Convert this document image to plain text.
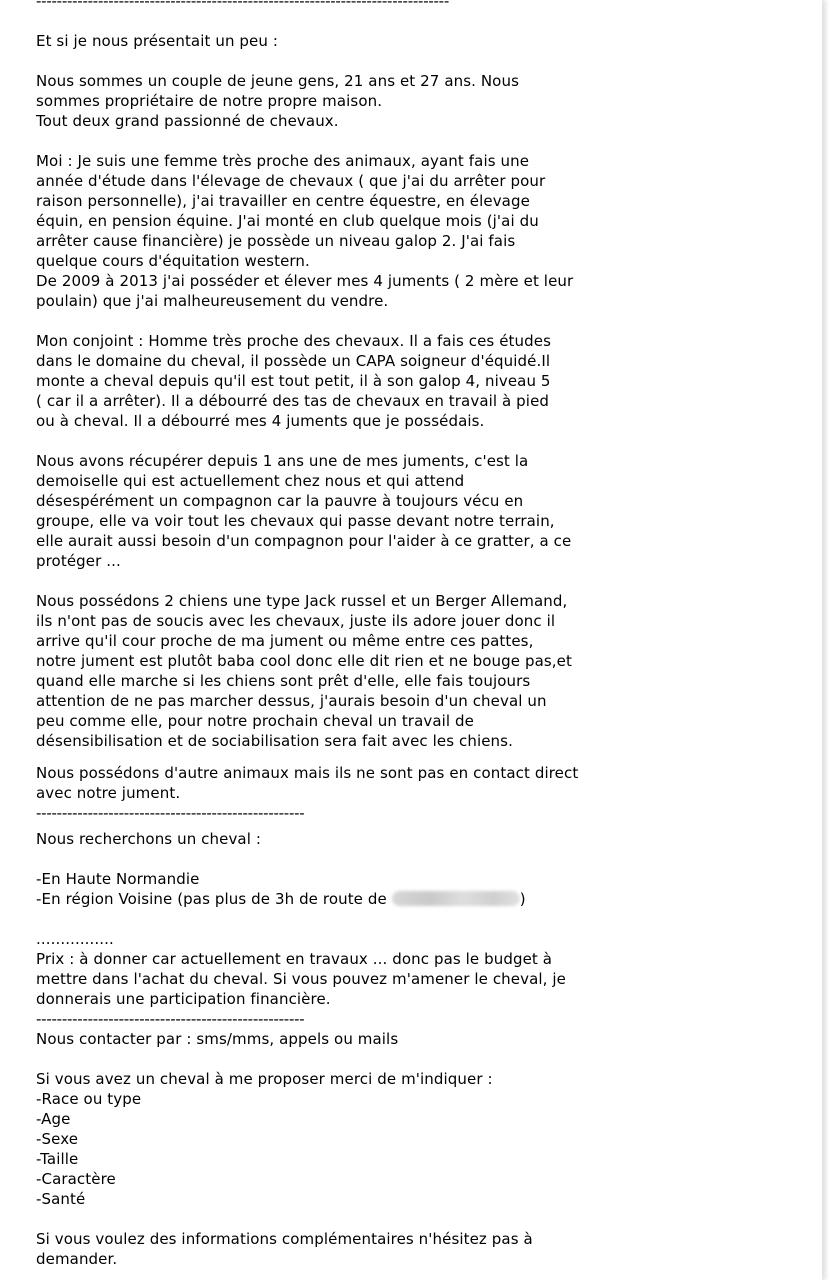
--------------------------------------------------------------------------------
Et si je nous présentait un peu :
Nous sommes un couple de jeune gens, 21 ans et 27 ans. Nous
sommes propriétaire de notre propre maison.
Tout deux grand passionné de chevaux.
Moi : Je suis une femme très proche des animaux, ayant fais une
année d'étude dans l'élevage de chevaux ( que j'ai du arrêter pour
raison personnelle), j'ai travailler en centre équestre, en élevage
équin, en pension équine. J'ai monté en club quelque mois (j'ai du
arrêter cause financière) je possède un niveau galop 2. J'ai fais
quelque cours d'équitation western.
De 2009 à 2013 j'ai posséder et élever mes 4 juments ( 2 mère et leur
poulain) que j'ai malheureusement du vendre.
Mon conjoint : Homme très proche des chevaux. Il a fais ces études
dans le domaine du cheval, il possède un CAPA soigneur d'équidé.Il
monte a cheval depuis qu'il est tout petit, il à son galop 4, niveau 5
( car il a arrêter). Il a débourré des tas de chevaux en travail à pied
ou à cheval. Il a débourré mes 4 juments que je possédais.
Nous avons récupérer depuis 1 ans une de mes juments, c'est la
demoiselle qui est actuellement chez nous et qui attend
désespérément un compagnon car la pauvre à toujours vécu en
groupe, elle va voir tout les chevaux qui passe devant notre terrain,
elle aurait aussi besoin d'un compagnon pour l'aider à ce gratter, a ce
protéger ...
Nous possédons 2 chiens une type Jack russel et un Berger Allemand,
ils n'ont pas de soucis avec les chevaux, juste ils adore jouer donc il
arrive qu'il cour proche de ma jument ou même entre ces pattes,
notre jument est plutôt baba cool donc elle dit rien et ne bouge pas,et
quand elle marche si les chiens sont prêt d'elle, elle fais toujours
attention de ne pas marcher dessus, j'aurais besoin d'un cheval un
peu comme elle, pour notre prochain cheval un travail de
désensibilisation et de sociabilisation sera fait avec les chiens.
Nous possédons d'autre animaux mais ils ne sont pas en contact direct
avec notre jument.
----------------------------------------------------
Nous recherchons un cheval :
-En Haute Normandie
-En région Voisine (pas plus de 3h de route de	)
................
Prix : à donner car actuellement en travaux ... donc pas le budget à
mettre dans l'achat du cheval. Si vous pouvez m'amener le cheval, je
donnerais une participation financière.
----------------------------------------------------
Nous contacter par : sms/mms, appels ou mails
Si vous avez un cheval à me proposer merci de m'indiquer :
-Race ou type
-Age
-Sexe
-Taille
-Caractère
-Santé
Si vous voulez des informations complémentaires n'hésitez pas à
demander.
